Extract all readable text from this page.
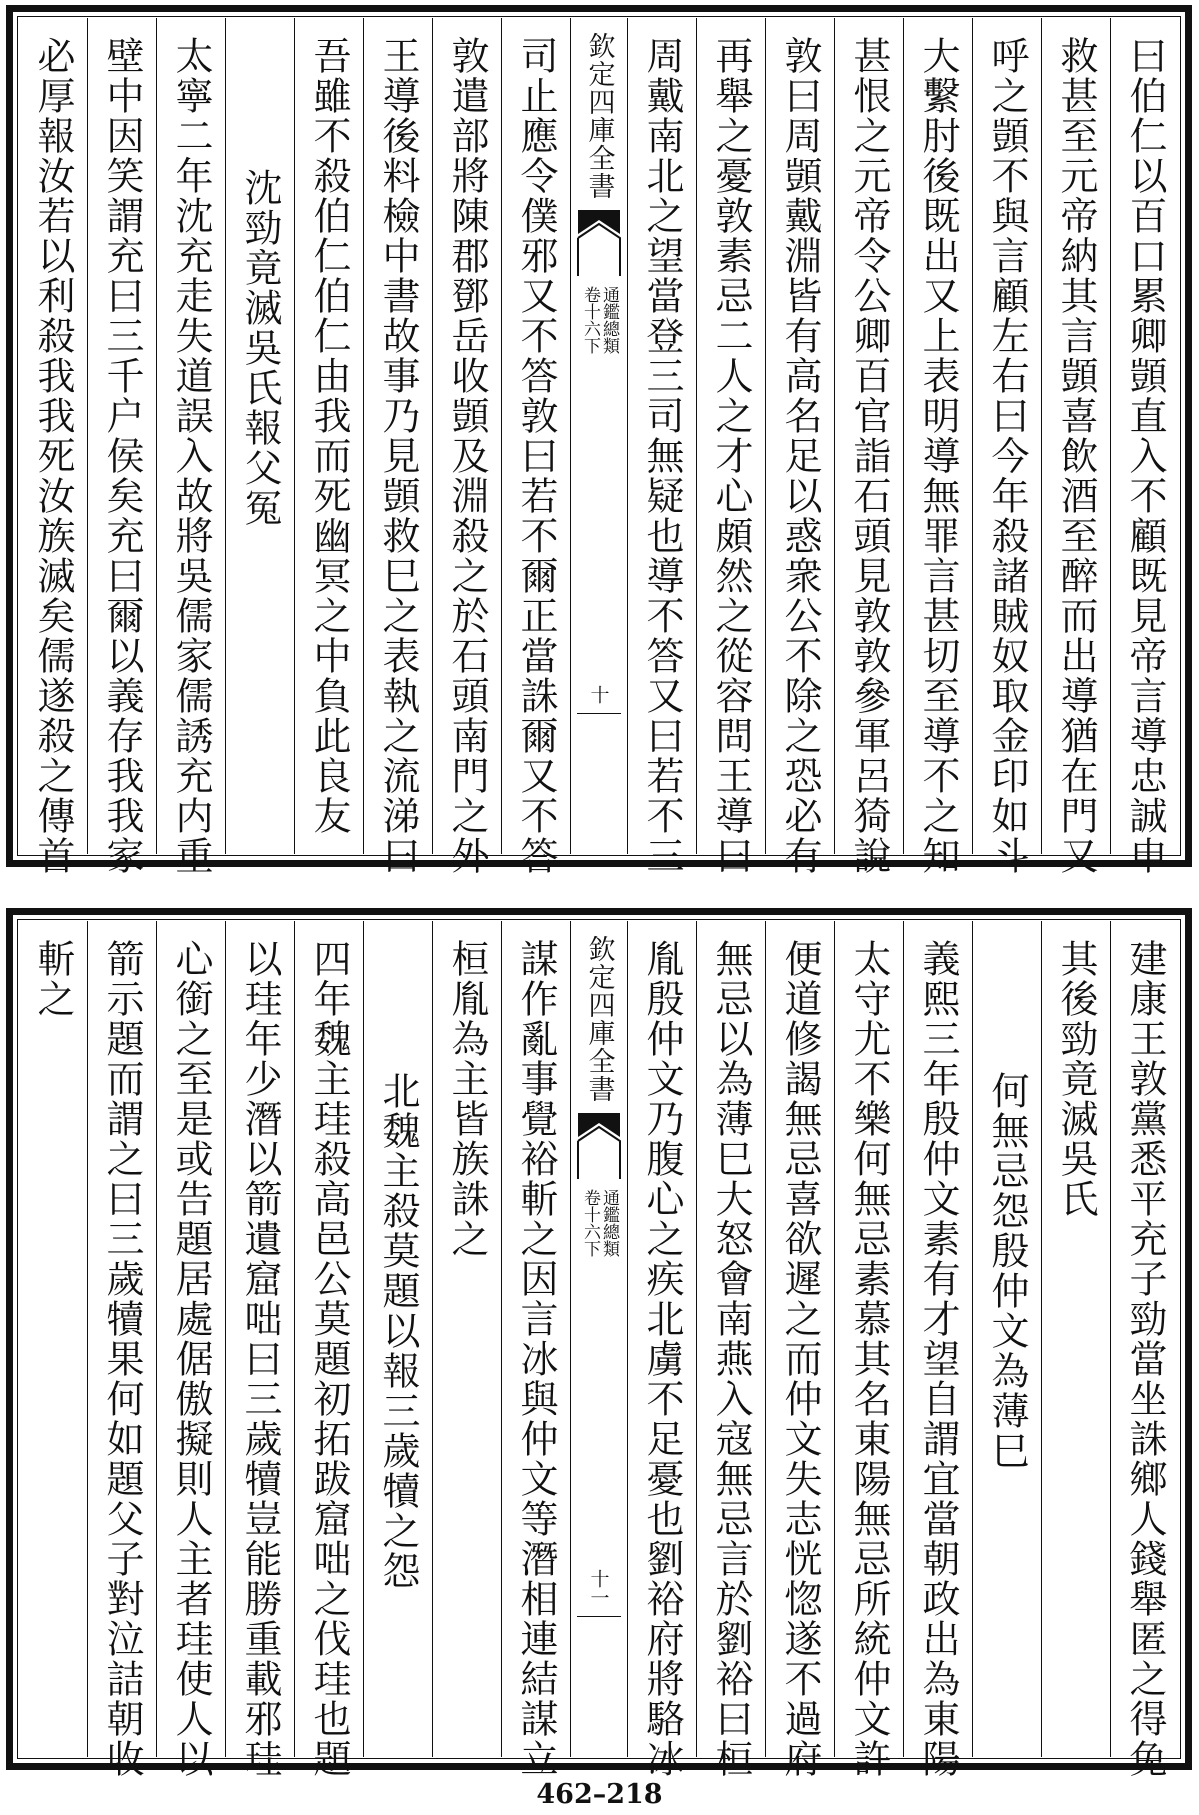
曰伯仁以百口累卿顗直入不顧既見帝言導忠誠申
救甚至元帝納其言顗喜飲酒至醉而出導猶在門又
呼之顗不與言顧左右曰今年殺諸賊奴取金印如斗
大繫肘後既出又上表明導無罪言甚切至導不之知
甚恨之元帝令公卿百官詣石頭見敦敦參軍呂猗說
敦曰周顗戴淵皆有高名足以惑衆公不除之恐必有
再舉之憂敦素忌二人之才心頗然之從容問王導曰
周戴南北之望當登三司無疑也導不答又曰若不三
欽定四庫全書
通鑑總類
卷十六下
十
司止應令僕邪又不答敦曰若不爾正當誅爾又不答
敦遣部將陳郡鄧岳收顗及淵殺之於石頭南門之外
王導後料檢中書故事乃見顗救巳之表執之流涕曰
吾雖不殺伯仁伯仁由我而死幽冥之中負此良友
沈勁竟滅吳氏報父冤
太寧二年沈充走失道誤入故將吳儒家儒誘充内重
壁中因笑謂充曰三千户侯矣充曰爾以義存我我家
必厚報汝若以利殺我我死汝族滅矣儒遂殺之傳首
建康王敦黨悉平充子勁當坐誅鄉人錢舉匿之得免
其後勁竟滅吳氏
何無忌怨殷仲文為薄巳
義熙三年殷仲文素有才望自謂宜當朝政出為東陽
太守尤不樂何無忌素慕其名東陽無忌所統仲文許
便道修謁無忌喜欲遲之而仲文失志恍惚遂不過府
無忌以為薄巳大怒會南燕入寇無忌言於劉裕曰桓
胤殷仲文乃腹心之疾北虜不足憂也劉裕府將駱冰
欽定四庫全書
通鑑總類
卷十六下
十一
謀作亂事覺裕斬之因言冰與仲文等潛相連結謀立
桓胤為主皆族誅之
北魏主殺莫題以報三歲犢之怨
四年魏主珪殺高邑公莫題初拓跋窟咄之伐珪也題
以珪年少潛以箭遺窟咄曰三歲犢豈能勝重載邪珪
心銜之至是或告題居處倨傲擬則人主者珪使人以
箭示題而謂之曰三歲犢果何如題父子對泣詰朝收
斬之
462–218
